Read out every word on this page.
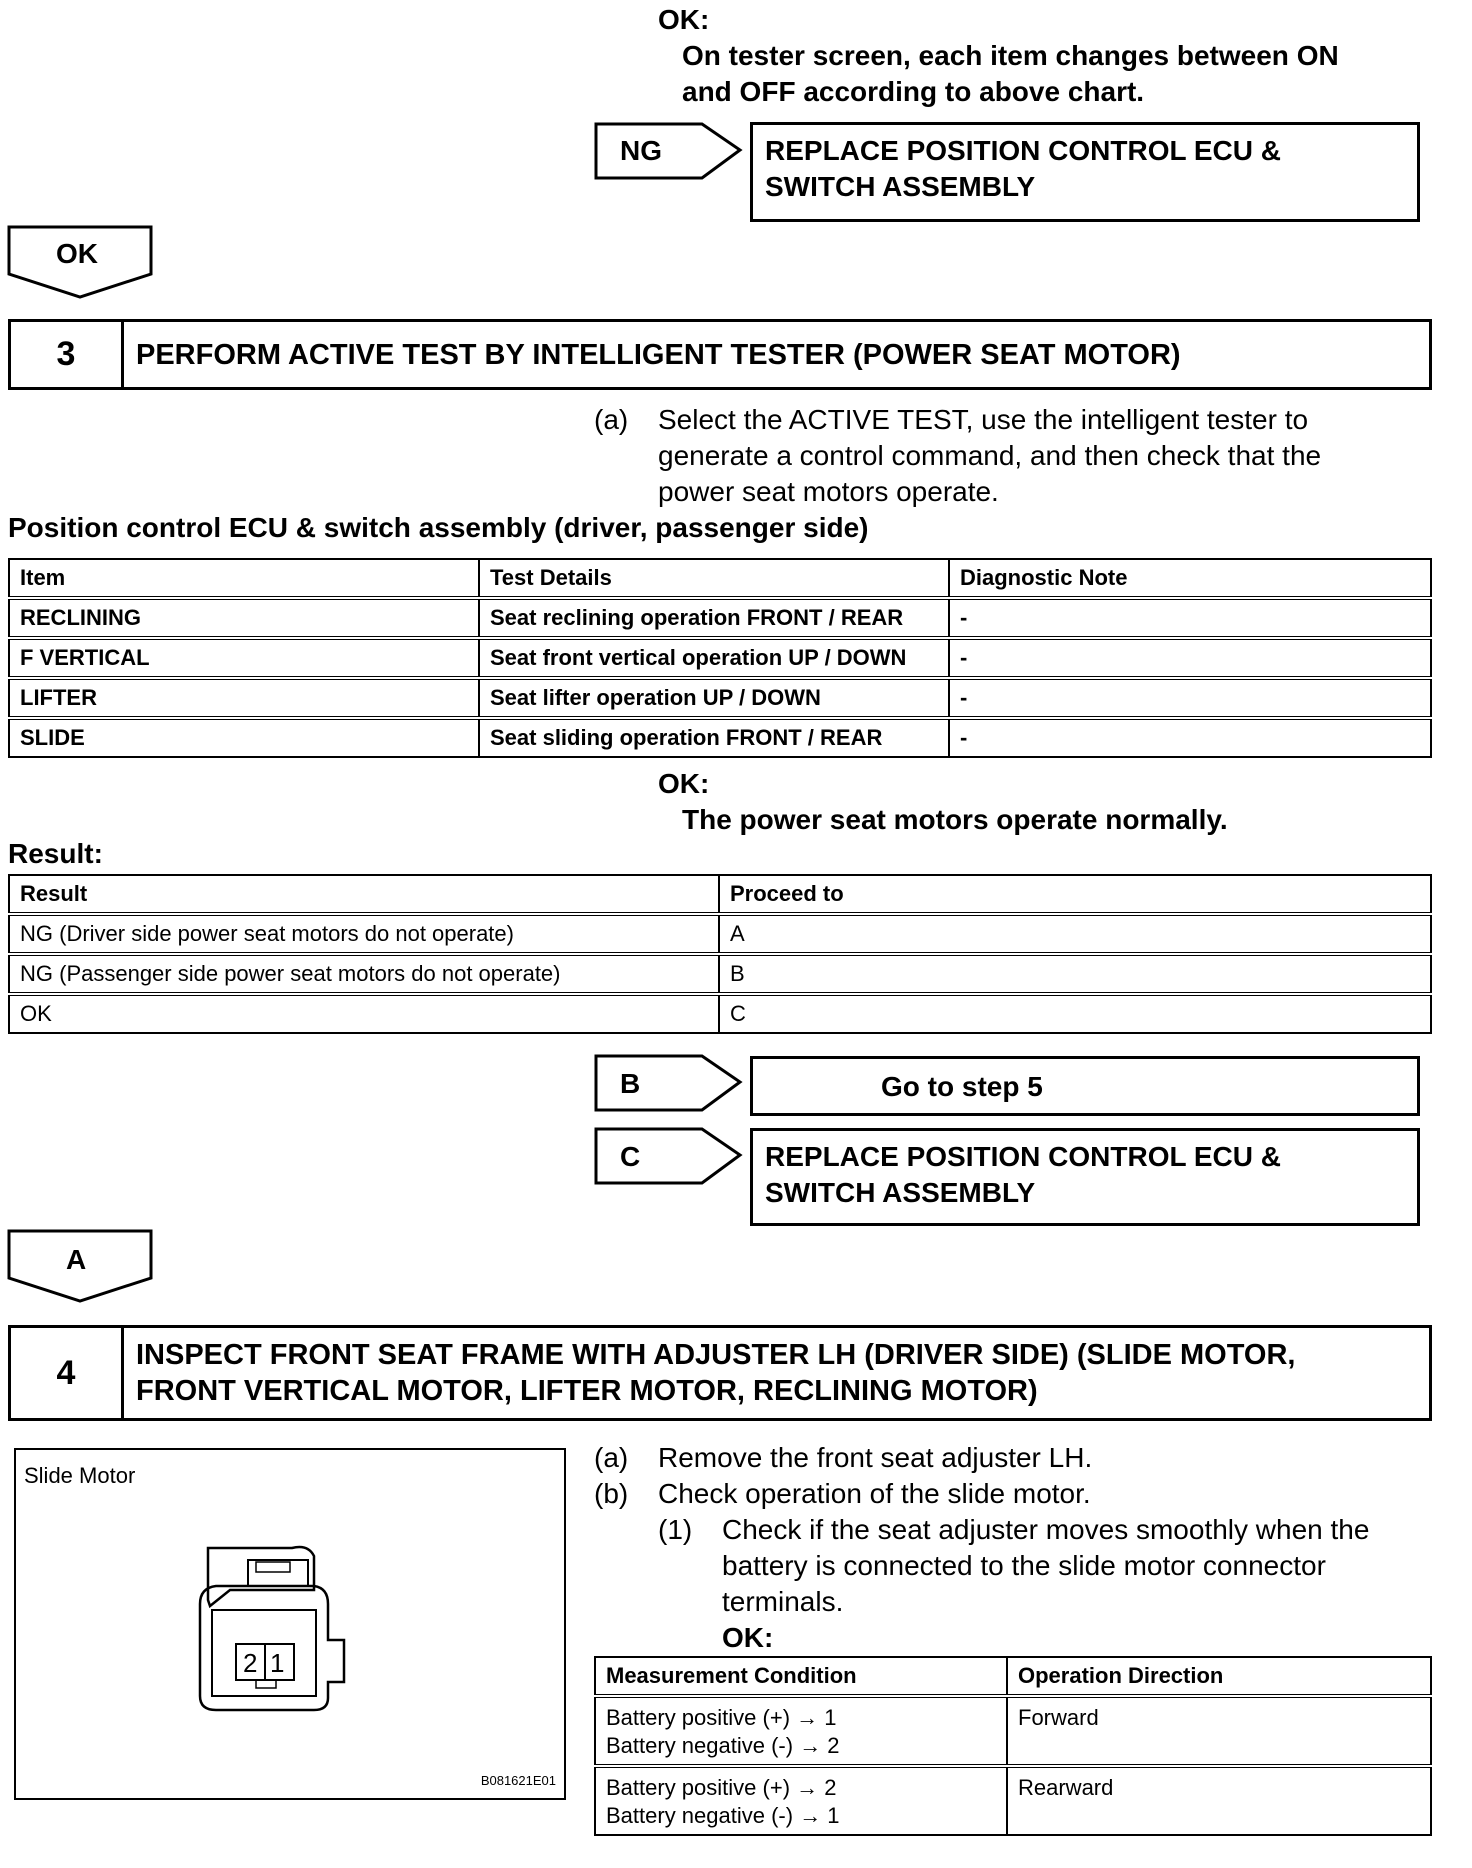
OK:
On tester screen, each item changes between ON
and OFF according to above chart.
NG	REPLACE POSITION CONTROL ECU &
SWITCH ASSEMBLY
OK
3	PERFORM ACTIVE TEST BY INTELLIGENT TESTER (POWER SEAT MOTOR)
(a) Select the ACTIVE TEST, use the intelligent tester to
generate a control command, and then check that the
power seat motors operate.
Position control ECU & switch assembly (driver, passenger side)
Item	Test Details	Diagnostic Note
RECLINING	Seat reclining operation FRONT / REAR	-
F VERTICAL	Seat front vertical operation UP / DOWN	-
LIFTER	Seat lifter operation UP / DOWN	-
SLIDE	Seat sliding operation FRONT / REAR	-
OK:
The power seat motors operate normally.
Result:
Result	Proceed to
NG (Driver side power seat motors do not operate)	A
NG (Passenger side power seat motors do not operate)	B
OK	C
B	Go to step 5
C	REPLACE POSITION CONTROL ECU &
SWITCH ASSEMBLY
A
4	INSPECT FRONT SEAT FRAME WITH ADJUSTER LH (DRIVER SIDE) (SLIDE MOTOR,
FRONT VERTICAL MOTOR, LIFTER MOTOR, RECLINING MOTOR)
Slide Motor
2 1
B081621E01
(a) Remove the front seat adjuster LH.
(b) Check operation of the slide motor.
(1) Check if the seat adjuster moves smoothly when the
battery is connected to the slide motor connector
terminals.
OK:
Measurement Condition	Operation Direction

Battery positive (+) → 1
Battery negative (-) → 2	Forward

Battery positive (+) → 2
Battery negative (-) → 1	Rearward
